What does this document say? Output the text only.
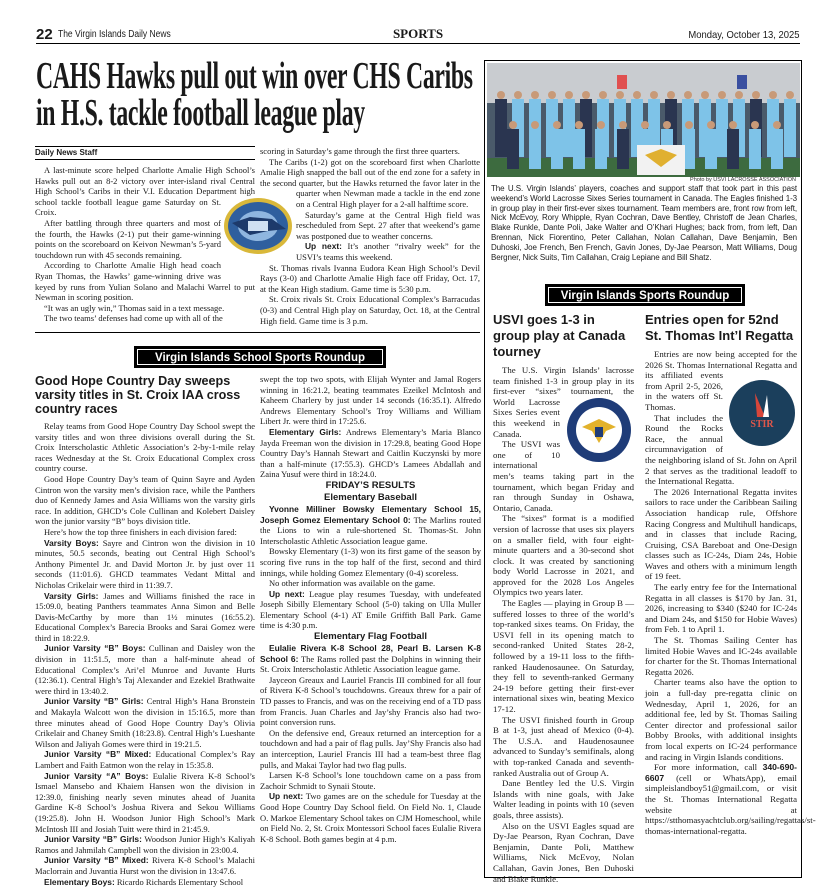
22 The Virgin Islands Daily News	SPORTS	Monday, October 13, 2025
CAHS Hawks pull out win over CHS Caribs in H.S. tackle football league play
Daily News Staff

A last-minute score helped Charlotte Amalie High School’s Hawks pull out an 8-2 victory over inter-island rival Central High School’s Caribs in their V.I. Education Department high school tackle football league game Saturday on St. Croix.

After battling through three quarters and most of the fourth, the Hawks (2-1) put their game-winning points on the scoreboard on Keivon Newman’s 5-yard touchdown run with 45 seconds remaining.

According to Charlotte Amalie High head coach Ryan Thomas, the Hawks’ game-winning drive was keyed by runs from Yulian Solano and Malachi Warrel to put Newman in scoring position.

“It was an ugly win,” Thomas said in a text message.

The two teams’ defenses had come up with all of the

scoring in Saturday’s game through the first three quarters.

The Caribs (1-2) got on the scoreboard first when Charlotte Amalie High snapped the ball out of the end zone for a safety in the second quarter, but the Hawks returned the favor later in the quarter when Newman made a tackle in the end zone on a Central High player for a 2-all halftime score.

Saturday’s game at the Central High field was rescheduled from Sept. 27 after that weekend’s game was postponed due to weather concerns.

Up next: It’s another “rivalry week” for the USVI’s teams this weekend.

St. Thomas rivals Ivanna Eudora Kean High School’s Devil Rays (3-0) and Charlotte Amalie High face off Friday, Oct. 17, at the Kean High stadium. Game time is 5:30 p.m.

St. Croix rivals St. Croix Educational Complex’s Barracudas (0-3) and Central High play on Saturday, Oct. 18, at the Central High field. Game time is 3 p.m.

Virgin Islands School Sports Roundup
Good Hope Country Day sweeps varsity titles in St. Croix IAA cross country races

Relay teams from Good Hope Country Day School swept the varsity titles and won three divisions overall during the St. Croix Interscholastic Athletic Association’s 2-by-1-mile relay races Wednesday at the St. Croix Educational Complex cross country course.

Good Hope Country Day’s team of Quinn Sayre and Ayden Cintron won the varsity men’s division race, while the Panthers duo of Kennedy James and Asia Williams won the varsity girls race. In addition, GHCD’s Cole Cullinan and Kolebert Daisley won the junior varsity “B” boys division title.

Here’s how the top three finishers in each division fared:

Varsity Boys: Sayre and Cintron won the division in 10 minutes, 50.5 seconds, beating out Central High School’s Anthony Pimentel Jr. and David Morton Jr. by just over 11 seconds (11:01.6). GHCD teammates Vedant Mittal and Nicholas Crikelair were third in 11:39.7.

Varsity Girls: James and Williams finished the race in 15:09.0, beating Panthers teammates Anna Simon and Belle Davis-McCarthy by more than 1½ minutes (16:55.2). Educational Complex’s Barecia Brooks and Sarai Gomez were third in 18:22.9.

Junior Varsity “B” Boys: Cullinan and Daisley won the division in 11:51.5, more than a half-minute ahead of Educational Complex’s Ari’el Munroe and Juvante Hurts (12:36.1). Central High’s Taj Alexander and Ezekiel Brathwaite were third in 13:40.2.

Junior Varsity “B” Girls: Central High’s Hana Bronstein and Makayla Walcott won the division in 15:16.5, more than three minutes ahead of Good Hope Country Day’s Olivia Crikelair and Chaney Smith (18:23.8). Central High’s Lueshante Wilson and Jaliyah Gomes were third in 19:21.5.

Junior Varsity “B” Mixed: Educational Complex’s Ray Lambert and Faith Eatmon won the relay in 15:35.8.

Junior Varsity “A” Boys: Eulalie Rivera K-8 School’s Ismael Mansebo and Khaiem Hansen won the division in 12:39.0, finishing nearly seven minutes ahead of Juanita Gardine K-8 School’s Joshua Rivera and Sekou Williams (19:25.8). John H. Woodson Junior High School’s Mark McIntosh III and Josiah Tuitt were third in 21:45.9.

Junior Varsity “B” Girls: Woodson Junior High’s Kaliyah Ramos and Jahmilah Campbell won the division in 23:00.4.

Junior Varsity “B” Mixed: Rivera K-8 School’s Malachi Maclorrain and Juvantia Hurst won the division in 13:47.6.

Elementary Boys: Ricardo Richards Elementary School

swept the top two spots, with Elijah Wynter and Jamal Rogers winning in 16:21.2, beating teammates Ezeikel McIntosh and Kaheem Charlery by just under 14 seconds (16:35.1). Alfredo Andrews Elementary School’s Troy Williams and William Libert Jr. were third in 17:25.6.

Elementary Girls: Andrews Elementary’s Maria Blanco Jayda Freeman won the division in 17:29.8, beating Good Hope Country Day’s Hannah Stewart and Caitlin Kuczynski by more than a half-minute (17:55.3). GHCD’s Lamees Abdallah and Zaina Yusuf were third in 18:24.0.

FRIDAY’S RESULTS
Elementary Baseball

Yvonne Milliner Bowsky Elementary School 15, Joseph Gomez Elementary School 0: The Marlins routed the Lions to win a rule-shortened St. Thomas-St. John Interscholastic Athletic Association league game.

Bowsky Elementary (1-3) won its first game of the season by scoring five runs in the top half of the first, second and third innings, while holding Gomez Elementary (0-4) scoreless.

No other information was available on the game.

Up next: League play resumes Tuesday, with undefeated Joseph Sibilly Elementary School (5-0) taking on Ulla Muller Elementary School (4-1) AT Emile Griffith Ball Park. Game time is 4:30 p.m.

Elementary Flag Football

Eulalie Rivera K-8 School 28, Pearl B. Larsen K-8 School 6: The Rams rolled past the Dolphins in winning their St. Croix Interscholastic Athletic Association league game.

Jayceon Greaux and Lauriel Francis III combined for all four of Rivera K-8 School’s touchdowns. Greaux threw for a pair of TD passes to Francis, and was on the receiving end of a TD pass from Francis. Juan Charles and Jay’shy Francis also had two-point conversion runs.

On the defensive end, Greaux returned an interception for a touchdown and had a pair of flag pulls. Jay’Shy Francis also had an interception, Lauriel Francis III had a team-best three flag pulls, and Makai Taylor had two flag pulls.

Larsen K-8 School’s lone touchdown came on a pass from Zachoir Schmidt to Synaii Stoute.

Up next: Two games are on the schedule for Tuesday at the Good Hope Country Day School field. On Field No. 1, Claude O. Markoe Elementary School takes on CJM Homeschool, while on Field No. 2, St. Croix Montessori School faces Eulalie Rivera K-8 School. Both games begin at 4 p.m.

Photo by USVI LACROSSE ASSOCIATION
The U.S. Virgin Islands’ players, coaches and support staff that took part in this past weekend’s World Lacrosse Sixes Series tournament in Canada. The Eagles finished 1-3 in group play in their first-ever sixes tournament. Team members are, front row from left, Nick McEvoy, Rory Whipple, Ryan Cochran, Dave Bentley, Christoff de Jean Charles, Blake Runkle, Dante Poli, Jake Walter and O’Khari Hughes; back from, from left, Dan Brennan, Nick Fiorentino, Peter Callahan, Nolan Callahan, Dave Benjamin, Ben Duhoski, Joe French, Ben French, Gavin Jones, Dy-Jae Pearson, Matt Williams, Doug Bergner, Nick Suits, Tim Callahan, Craig Lepiane and Bill Shatz.
Virgin Islands Sports Roundup
USVI goes 1-3 in group play at Canada tourney

The U.S. Virgin Islands’ lacrosse team finished 1-3 in group play in its first-ever “sixes” tournament, the World Lacrosse Sixes Series event this weekend in Canada.

The USVI was one of 10 international men’s teams taking part in the tournament, which began Friday and ran through Sunday in Oshawa, Ontario, Canada.

The “sixes” format is a modified version of lacrosse that uses six players on a smaller field, with four eight-minute quarters and a 30-second shot clock. It was created by sanctioning body World Lacrosse in 2021, and approved for the 2028 Los Angeles Olympics two years later.

The Eagles — playing in Group B — suffered losses to three of the world’s top-ranked sixes teams. On Friday, the USVI fell in its opening match to second-ranked United States 28-2, followed by a 19-11 loss to the fifth-ranked Haudenosaunee. On Saturday, they fell to seventh-ranked Germany 24-19 before getting their first-ever international sixes win, beating Mexico 17-12.

The USVI finished fourth in Group B at 1-3, just ahead of Mexico (0-4). The U.S.A. and Haudenosaunee advanced to Sunday’s semifinals, along with top-ranked Canada and seventh-ranked Australia out of Group A.

Dane Bentley led the U.S. Virgin Islands with nine goals, with Jake Walter leading in points with 10 (seven goals, three assists).

Also on the USVI Eagles squad are Dy-Jae Pearson, Ryan Cochran, Dave Benjamin, Dante Poli, Matthew Williams, Nick McEvoy, Nolan Callahan, Gavin Jones, Ben Duhoski and Blake Runkle.

Entries open for 52nd St. Thomas Int’l Regatta
STIR

Entries are now being accepted for the 2026 St. Thomas International Regatta and its affiliated events from April 2-5, 2026, in the waters off St. Thomas.

That includes the Round the Rocks Race, the annual circumnavigation of the neighboring island of St. John on April 2 that serves as the traditional leadoff to the International Regatta.

The 2026 International Regatta invites sailors to race under the Caribbean Sailing Association handicap rule, Offshore Racing Congress and Multihull handicaps, and in classes that include Racing, Cruising, CSA Bareboat and One-Design classes such as IC-24s, Diam 24s, Hobie Waves and others with a minimum length of 19 feet.

The early entry fee for the International Regatta in all classes is $170 by Jan. 31, 2026, increasing to $340 ($240 for IC-24s and Diam 24s, and $150 for Hobie Waves) from Feb. 1 to April 1.

The St. Thomas Sailing Center has limited Hobie Waves and IC-24s available for charter for the St. Thomas International Regatta 2026.

Charter teams also have the option to join a full-day pre-regatta clinic on Wednesday, April 1, 2026, for an additional fee, led by St. Thomas Sailing Center director and professional sailor Bobby Brooks, with additional insights from local experts on IC-24 performance and racing in Virgin Islands conditions.

For more information, call 340-690-6607 (cell or WhatsApp), email simpleislandboy51@gmail.com, or visit the St. Thomas International Regatta website at https://stthomasyachtclub.org/sailing/regattas/st-thomas-international-regatta.
